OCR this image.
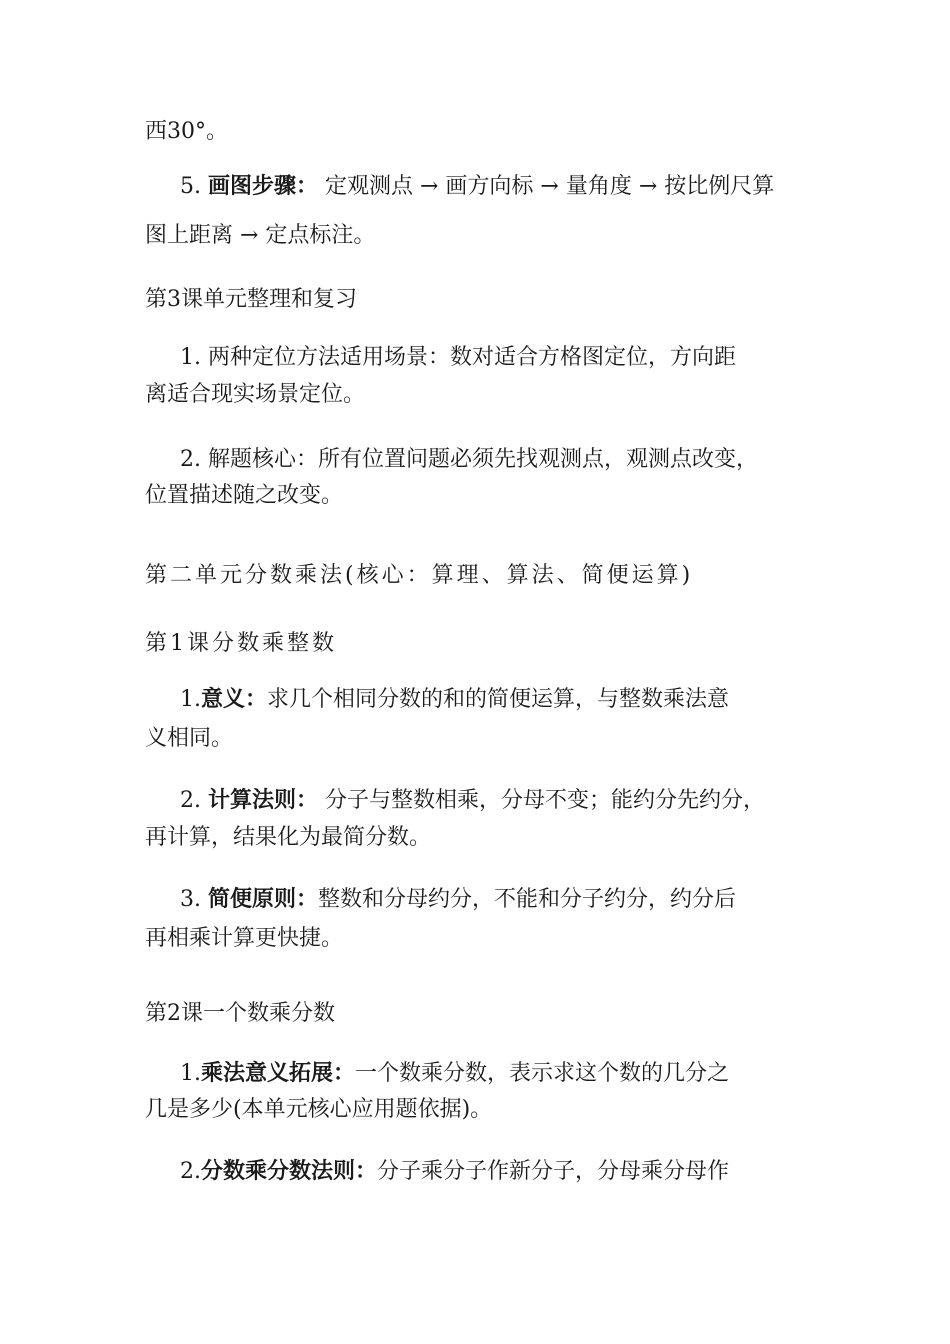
西30°。
5. 画图步骤： 定观测点 → 画方向标 → 量角度 → 按比例尺算
图上距离 → 定点标注。
第3课单元整理和复习
1. 两种定位方法适用场景：数对适合方格图定位，方向距
离适合现实场景定位。
2. 解题核心：所有位置问题必须先找观测点，观测点改变，
位置描述随之改变。
第二单元分数乘法(核心：算理、算法、简便运算)
第1课分数乘整数
1.意义：求几个相同分数的和的简便运算，与整数乘法意
义相同。
2. 计算法则： 分子与整数相乘，分母不变；能约分先约分，
再计算，结果化为最简分数。
3. 简便原则：整数和分母约分，不能和分子约分，约分后
再相乘计算更快捷。
第2课一个数乘分数
1.乘法意义拓展：一个数乘分数，表示求这个数的几分之
几是多少(本单元核心应用题依据)。
2.分数乘分数法则：分子乘分子作新分子，分母乘分母作
